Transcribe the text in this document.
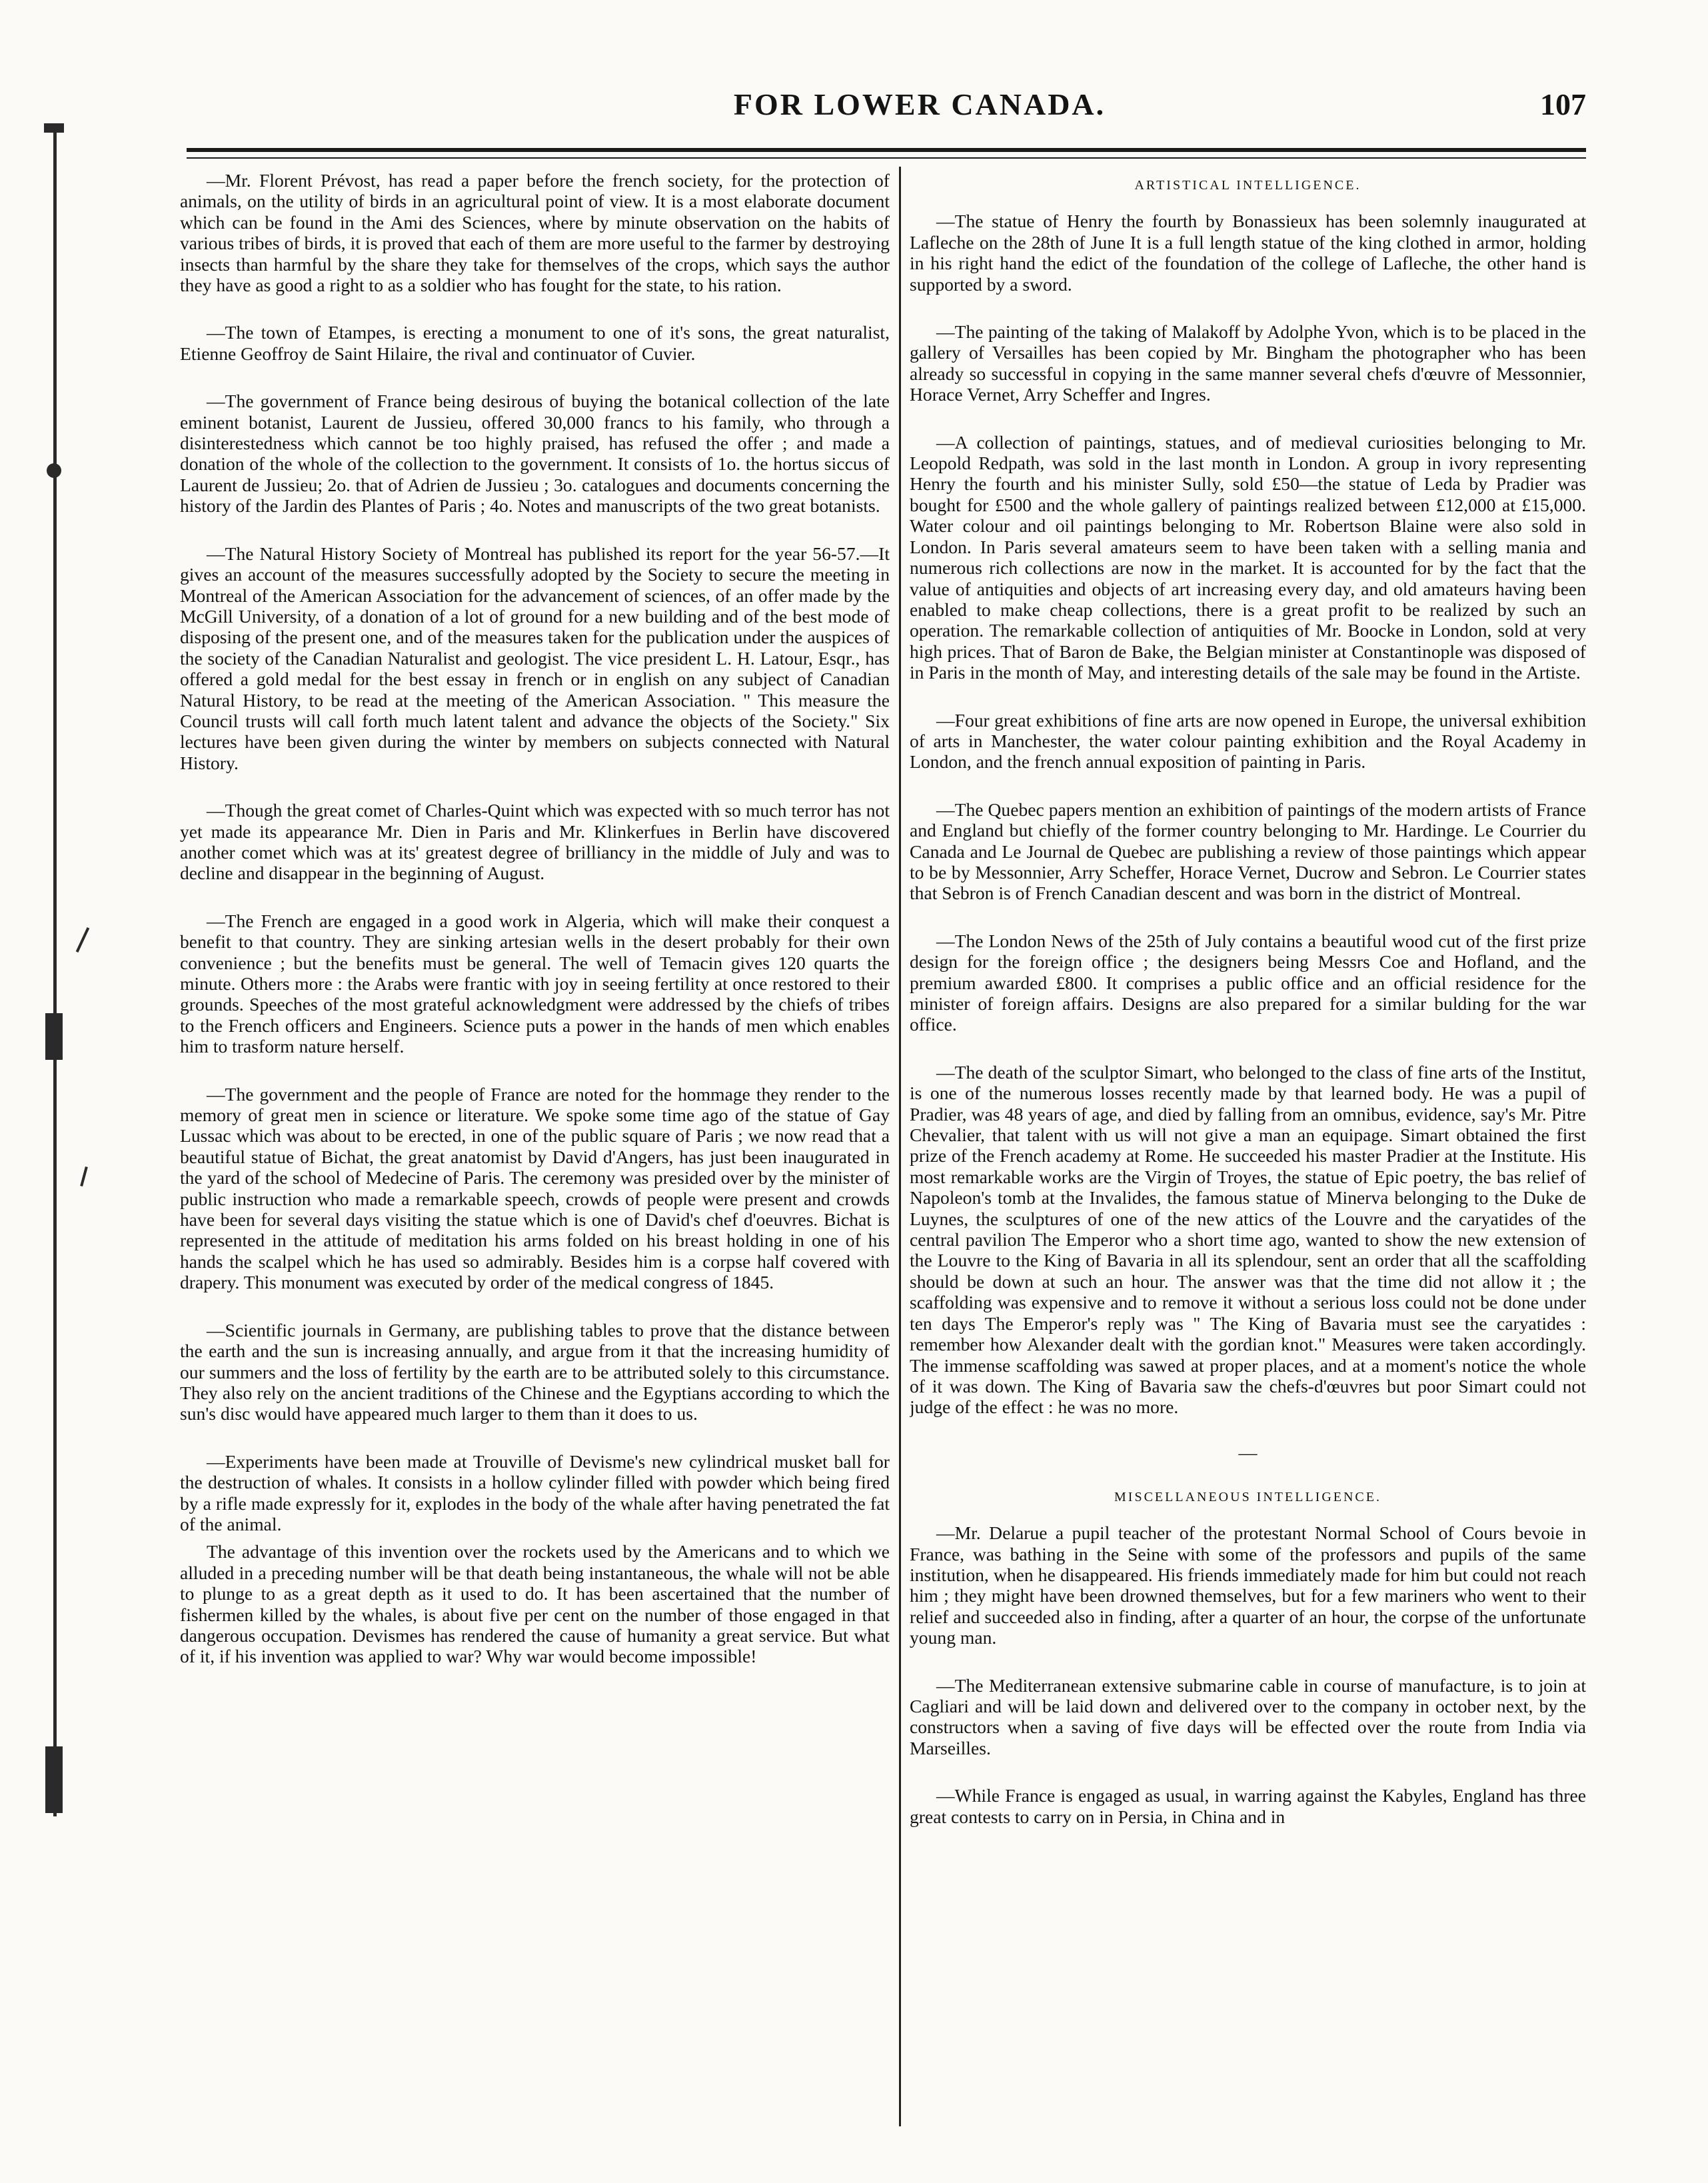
FOR LOWER CANADA.	107

—Mr. Florent Prévost, has read a paper before the french society, for the protection of animals, on the utility of birds in an agricultural point of view. It is a most elaborate document which can be found in the Ami des Sciences, where by minute observation on the habits of various tribes of birds, it is proved that each of them are more useful to the farmer by destroying insects than harmful by the share they take for themselves of the crops, which says the author they have as good a right to as a soldier who has fought for the state, to his ration.

—The town of Etampes, is erecting a monument to one of it's sons, the great naturalist, Etienne Geoffroy de Saint Hilaire, the rival and continuator of Cuvier.

—The government of France being desirous of buying the botanical collection of the late eminent botanist, Laurent de Jussieu, offered 30,000 francs to his family, who through a disinterestedness which cannot be too highly praised, has refused the offer ; and made a donation of the whole of the collection to the government. It consists of 1o. the hortus siccus of Laurent de Jussieu; 2o. that of Adrien de Jussieu ; 3o. catalogues and documents concerning the history of the Jardin des Plantes of Paris ; 4o. Notes and manuscripts of the two great botanists.

—The Natural History Society of Montreal has published its report for the year 56-57.—It gives an account of the measures successfully adopted by the Society to secure the meeting in Montreal of the American Association for the advancement of sciences, of an offer made by the McGill University, of a donation of a lot of ground for a new building and of the best mode of disposing of the present one, and of the measures taken for the publication under the auspices of the society of the Canadian Naturalist and geologist. The vice president L. H. Latour, Esqr., has offered a gold medal for the best essay in french or in english on any subject of Canadian Natural History, to be read at the meeting of the American Association. " This measure the Council trusts will call forth much latent talent and advance the objects of the Society." Six lectures have been given during the winter by members on subjects connected with Natural History.

—Though the great comet of Charles-Quint which was expected with so much terror has not yet made its appearance Mr. Dien in Paris and Mr. Klinkerfues in Berlin have discovered another comet which was at its' greatest degree of brilliancy in the middle of July and was to decline and disappear in the beginning of August.

—The French are engaged in a good work in Algeria, which will make their conquest a benefit to that country. They are sinking artesian wells in the desert probably for their own convenience ; but the benefits must be general. The well of Temacin gives 120 quarts the minute. Others more : the Arabs were frantic with joy in seeing fertility at once restored to their grounds. Speeches of the most grateful acknowledgment were addressed by the chiefs of tribes to the French officers and Engineers. Science puts a power in the hands of men which enables him to trasform nature herself.

—The government and the people of France are noted for the hommage they render to the memory of great men in science or literature. We spoke some time ago of the statue of Gay Lussac which was about to be erected, in one of the public square of Paris ; we now read that a beautiful statue of Bichat, the great anatomist by David d'Angers, has just been inaugurated in the yard of the school of Medecine of Paris. The ceremony was presided over by the minister of public instruction who made a remarkable speech, crowds of people were present and crowds have been for several days visiting the statue which is one of David's chef d'oeuvres. Bichat is represented in the attitude of meditation his arms folded on his breast holding in one of his hands the scalpel which he has used so admirably. Besides him is a corpse half covered with drapery. This monument was executed by order of the medical congress of 1845.

—Scientific journals in Germany, are publishing tables to prove that the distance between the earth and the sun is increasing annually, and argue from it that the increasing humidity of our summers and the loss of fertility by the earth are to be attributed solely to this circumstance. They also rely on the ancient traditions of the Chinese and the Egyptians according to which the sun's disc would have appeared much larger to them than it does to us.

—Experiments have been made at Trouville of Devisme's new cylindrical musket ball for the destruction of whales. It consists in a hollow cylinder filled with powder which being fired by a rifle made expressly for it, explodes in the body of the whale after having penetrated the fat of the animal.

The advantage of this invention over the rockets used by the Americans and to which we alluded in a preceding number will be that death being instantaneous, the whale will not be able to plunge to as a great depth as it used to do. It has been ascertained that the number of fishermen killed by the whales, is about five per cent on the number of those engaged in that dangerous occupation. Devismes has rendered the cause of humanity a great service. But what of it, if his invention was applied to war? Why war would become impossible!

ARTISTICAL INTELLIGENCE.

—The statue of Henry the fourth by Bonassieux has been solemnly inaugurated at Lafleche on the 28th of June It is a full length statue of the king clothed in armor, holding in his right hand the edict of the foundation of the college of Lafleche, the other hand is supported by a sword.

—The painting of the taking of Malakoff by Adolphe Yvon, which is to be placed in the gallery of Versailles has been copied by Mr. Bingham the photographer who has been already so successful in copying in the same manner several chefs d'œuvre of Messonnier, Horace Vernet, Arry Scheffer and Ingres.

—A collection of paintings, statues, and of medieval curiosities belonging to Mr. Leopold Redpath, was sold in the last month in London. A group in ivory representing Henry the fourth and his minister Sully, sold £50—the statue of Leda by Pradier was bought for £500 and the whole gallery of paintings realized between £12,000 at £15,000. Water colour and oil paintings belonging to Mr. Robertson Blaine were also sold in London. In Paris several amateurs seem to have been taken with a selling mania and numerous rich collections are now in the market. It is accounted for by the fact that the value of antiquities and objects of art increasing every day, and old amateurs having been enabled to make cheap collections, there is a great profit to be realized by such an operation. The remarkable collection of antiquities of Mr. Boocke in London, sold at very high prices. That of Baron de Bake, the Belgian minister at Constantinople was disposed of in Paris in the month of May, and interesting details of the sale may be found in the Artiste.

—Four great exhibitions of fine arts are now opened in Europe, the universal exhibition of arts in Manchester, the water colour painting exhibition and the Royal Academy in London, and the french annual exposition of painting in Paris.

—The Quebec papers mention an exhibition of paintings of the modern artists of France and England but chiefly of the former country belonging to Mr. Hardinge. Le Courrier du Canada and Le Journal de Quebec are publishing a review of those paintings which appear to be by Messonnier, Arry Scheffer, Horace Vernet, Ducrow and Sebron. Le Courrier states that Sebron is of French Canadian descent and was born in the district of Montreal.

—The London News of the 25th of July contains a beautiful wood cut of the first prize design for the foreign office ; the designers being Messrs Coe and Hofland, and the premium awarded £800. It comprises a public office and an official residence for the minister of foreign affairs. Designs are also prepared for a similar bulding for the war office.

—The death of the sculptor Simart, who belonged to the class of fine arts of the Institut, is one of the numerous losses recently made by that learned body. He was a pupil of Pradier, was 48 years of age, and died by falling from an omnibus, evidence, say's Mr. Pitre Chevalier, that talent with us will not give a man an equipage. Simart obtained the first prize of the French academy at Rome. He succeeded his master Pradier at the Institute. His most remarkable works are the Virgin of Troyes, the statue of Epic poetry, the bas relief of Napoleon's tomb at the Invalides, the famous statue of Minerva belonging to the Duke de Luynes, the sculptures of one of the new attics of the Louvre and the caryatides of the central pavilion The Emperor who a short time ago, wanted to show the new extension of the Louvre to the King of Bavaria in all its splendour, sent an order that all the scaffolding should be down at such an hour. The answer was that the time did not allow it ; the scaffolding was expensive and to remove it without a serious loss could not be done under ten days The Emperor's reply was " The King of Bavaria must see the caryatides : remember how Alexander dealt with the gordian knot." Measures were taken accordingly. The immense scaffolding was sawed at proper places, and at a moment's notice the whole of it was down. The King of Bavaria saw the chefs-d'œuvres but poor Simart could not judge of the effect : he was no more.

—
MISCELLANEOUS INTELLIGENCE.

—Mr. Delarue a pupil teacher of the protestant Normal School of Cours bevoie in France, was bathing in the Seine with some of the professors and pupils of the same institution, when he disappeared. His friends immediately made for him but could not reach him ; they might have been drowned themselves, but for a few mariners who went to their relief and succeeded also in finding, after a quarter of an hour, the corpse of the unfortunate young man.

—The Mediterranean extensive submarine cable in course of manufacture, is to join at Cagliari and will be laid down and delivered over to the company in october next, by the constructors when a saving of five days will be effected over the route from India via Marseilles.

—While France is engaged as usual, in warring against the Kabyles, England has three great contests to carry on in Persia, in China and in
